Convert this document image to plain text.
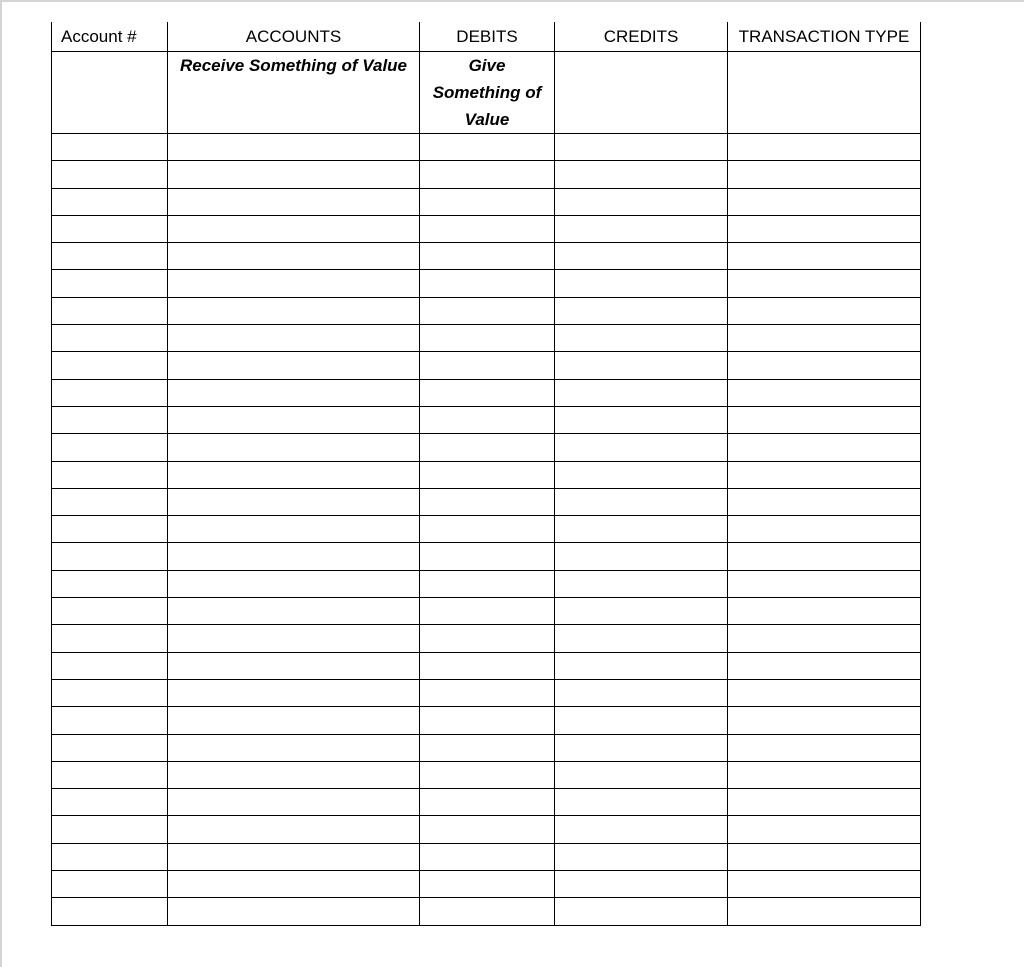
Account #	ACCOUNTS	DEBITS	CREDITS	TRANSACTION TYPE

	Receive Something of Value	Give Something of Value		
